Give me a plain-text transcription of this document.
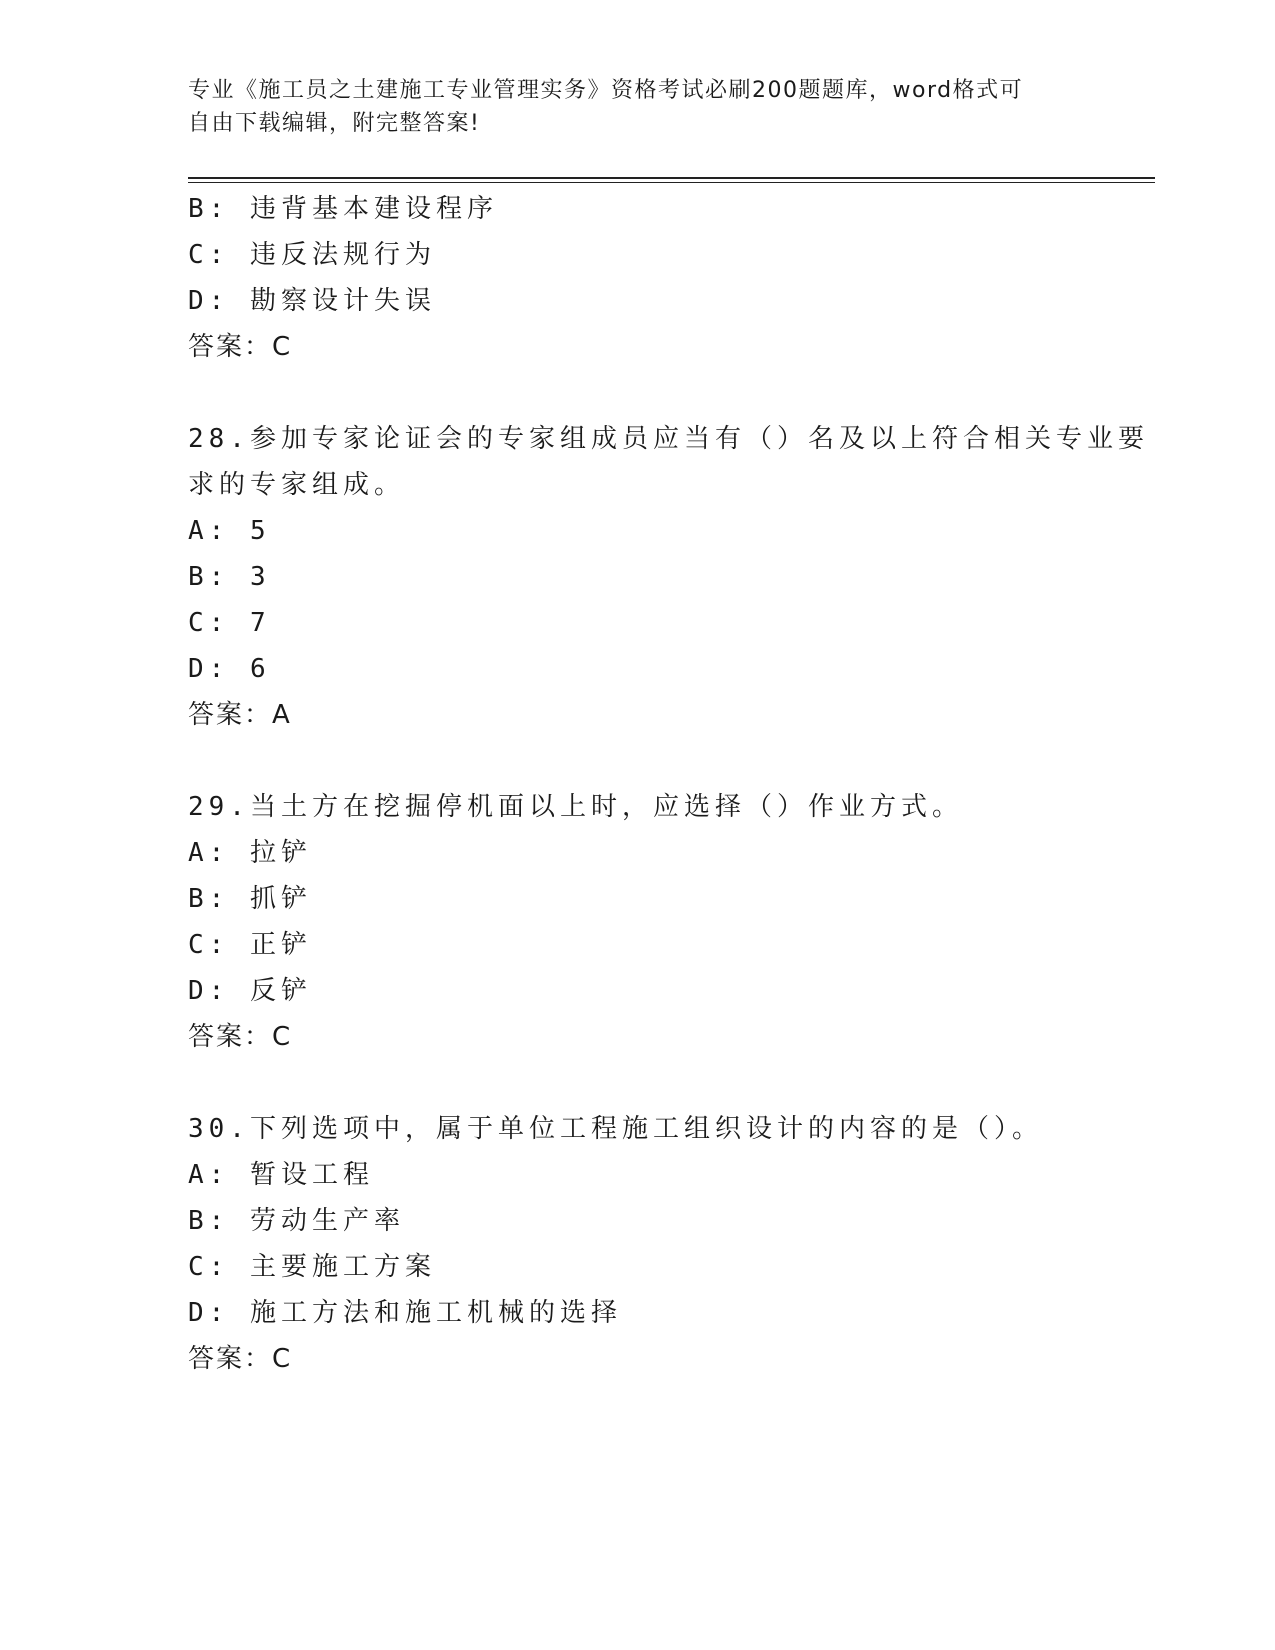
专业《施工员之土建施工专业管理实务》资格考试必刷200题题库，word格式可
自由下载编辑，附完整答案!
B: 违背基本建设程序
C: 违反法规行为
D: 勘察设计失误
答案：C
28.参加专家论证会的专家组成员应当有（）名及以上符合相关专业要
求的专家组成。
A: 5
B: 3
C: 7
D: 6
答案：A
29.当土方在挖掘停机面以上时，应选择（）作业方式。
A: 拉铲
B: 抓铲
C: 正铲
D: 反铲
答案：C
30.下列选项中，属于单位工程施工组织设计的内容的是（）。
A: 暂设工程
B: 劳动生产率
C: 主要施工方案
D: 施工方法和施工机械的选择
答案：C
